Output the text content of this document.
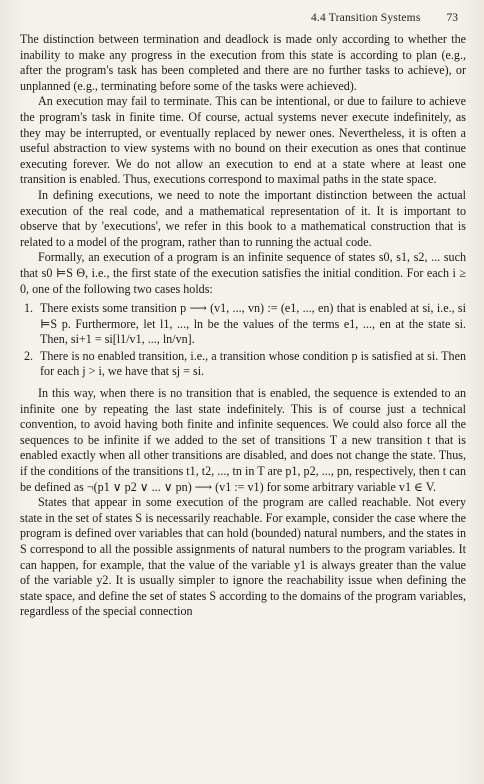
4.4 Transition Systems 73

The distinction between termination and deadlock is made only according to whether the inability to make any progress in the execution from this state is according to plan (e.g., after the program's task has been completed and there are no further tasks to achieve), or unplanned (e.g., terminating before some of the tasks were achieved).

An execution may fail to terminate. This can be intentional, or due to failure to achieve the program's task in finite time. Of course, actual systems never execute indefinitely, as they may be interrupted, or eventually replaced by newer ones. Nevertheless, it is often a useful abstraction to view systems with no bound on their execution as ones that continue executing forever. We do not allow an execution to end at a state where at least one transition is enabled. Thus, executions correspond to maximal paths in the state space.

In defining executions, we need to note the important distinction between the actual execution of the real code, and a mathematical representation of it. It is important to observe that by 'executions', we refer in this book to a mathematical construction that is related to a model of the program, rather than to running the actual code.

Formally, an execution of a program is an infinite sequence of states s0, s1, s2, ... such that s0 ⊨S Θ, i.e., the first state of the execution satisfies the initial condition. For each i ≥ 0, one of the following two cases holds:

1. There exists some transition p ⟶ (v1, ..., vn) := (e1, ..., en) that is enabled at si, i.e., si ⊨S p. Furthermore, let l1, ..., ln be the values of the terms e1, ..., en at the state si. Then, si+1 = si[l1/v1, ..., ln/vn].
2. There is no enabled transition, i.e., a transition whose condition p is satisfied at si. Then for each j > i, we have that sj = si.

In this way, when there is no transition that is enabled, the sequence is extended to an infinite one by repeating the last state indefinitely. This is of course just a technical convention, to avoid having both finite and infinite sequences. We could also force all the sequences to be infinite if we added to the set of transitions T a new transition t that is enabled exactly when all other transitions are disabled, and does not change the state. Thus, if the conditions of the transitions t1, t2, ..., tn in T are p1, p2, ..., pn, respectively, then t can be defined as ¬(p1 ∨ p2 ∨ ... ∨ pn) ⟶ (v1 := v1) for some arbitrary variable v1 ∈ V.

States that appear in some execution of the program are called reachable. Not every state in the set of states S is necessarily reachable. For example, consider the case where the program is defined over variables that can hold (bounded) natural numbers, and the states in S correspond to all the possible assignments of natural numbers to the program variables. It can happen, for example, that the value of the variable y1 is always greater than the value of the variable y2. It is usually simpler to ignore the reachability issue when defining the state space, and define the set of states S according to the domains of the program variables, regardless of the special connection
